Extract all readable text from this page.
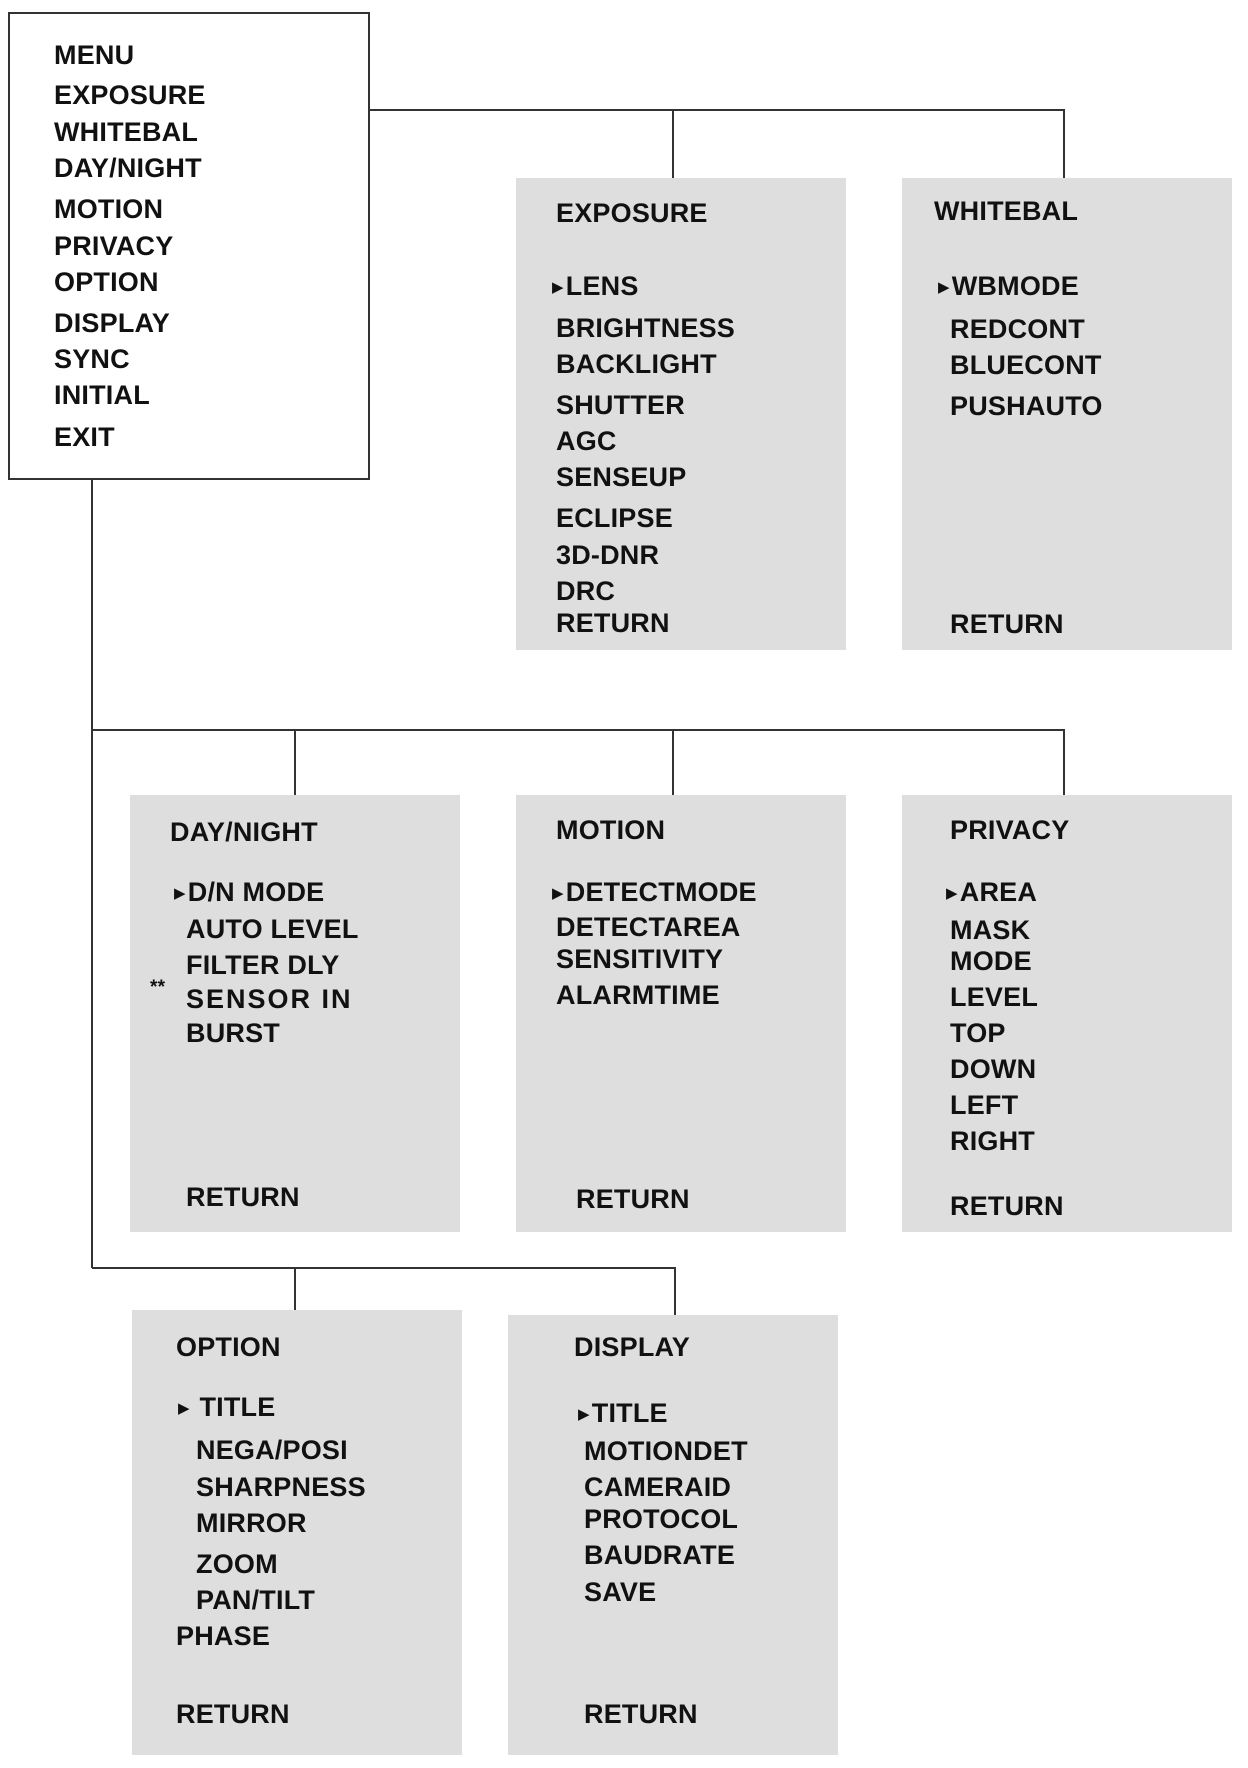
MENU
EXPOSURE
WHITEBAL
DAY/NIGHT
MOTION
PRIVACY
OPTION
DISPLAY
SYNC
INITIAL
EXIT
EXPOSURE
▶LENS
BRIGHTNESS
BACKLIGHT
SHUTTER
AGC
SENSEUP
ECLIPSE
3D-DNR
DRC
RETURN
WHITEBAL
▶WBMODE
REDCONT
BLUECONT
PUSHAUTO
RETURN
DAY/NIGHT
▶D/N MODE
AUTO LEVEL
FILTER DLY
** SENSOR IN
BURST
RETURN
MOTION
▶DETECTMODE
DETECTAREA
SENSITIVITY
ALARMTIME
RETURN
PRIVACY
▶AREA
MASK
MODE
LEVEL
TOP
DOWN
LEFT
RIGHT
RETURN
OPTION
▶ TITLE
NEGA/POSI
SHARPNESS
MIRROR
ZOOM
PAN/TILT
PHASE
RETURN
DISPLAY
▶TITLE
MOTIONDET
CAMERAID
PROTOCOL
BAUDRATE
SAVE
RETURN
